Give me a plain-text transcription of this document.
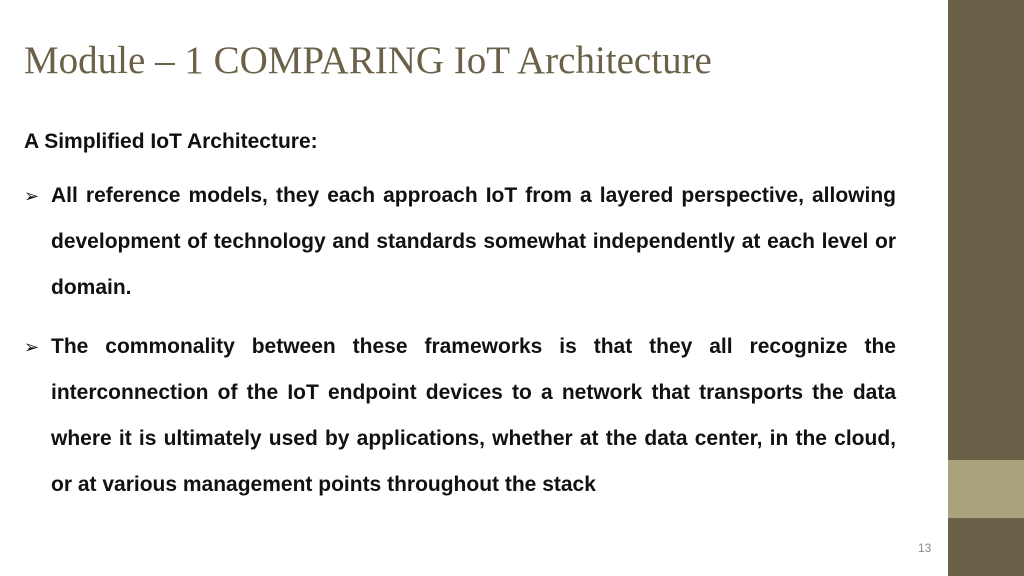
Module – 1 COMPARING IoT Architecture
A Simplified IoT Architecture:
➢ All reference models, they each approach IoT from a layered perspective, allowing development of technology and standards somewhat independently at each level or domain.
➢ The commonality between these frameworks is that they all recognize the interconnection of the IoT endpoint devices to a network that transports the data where it is ultimately used by applications, whether at the data center, in the cloud, or at various management points throughout the stack
13
